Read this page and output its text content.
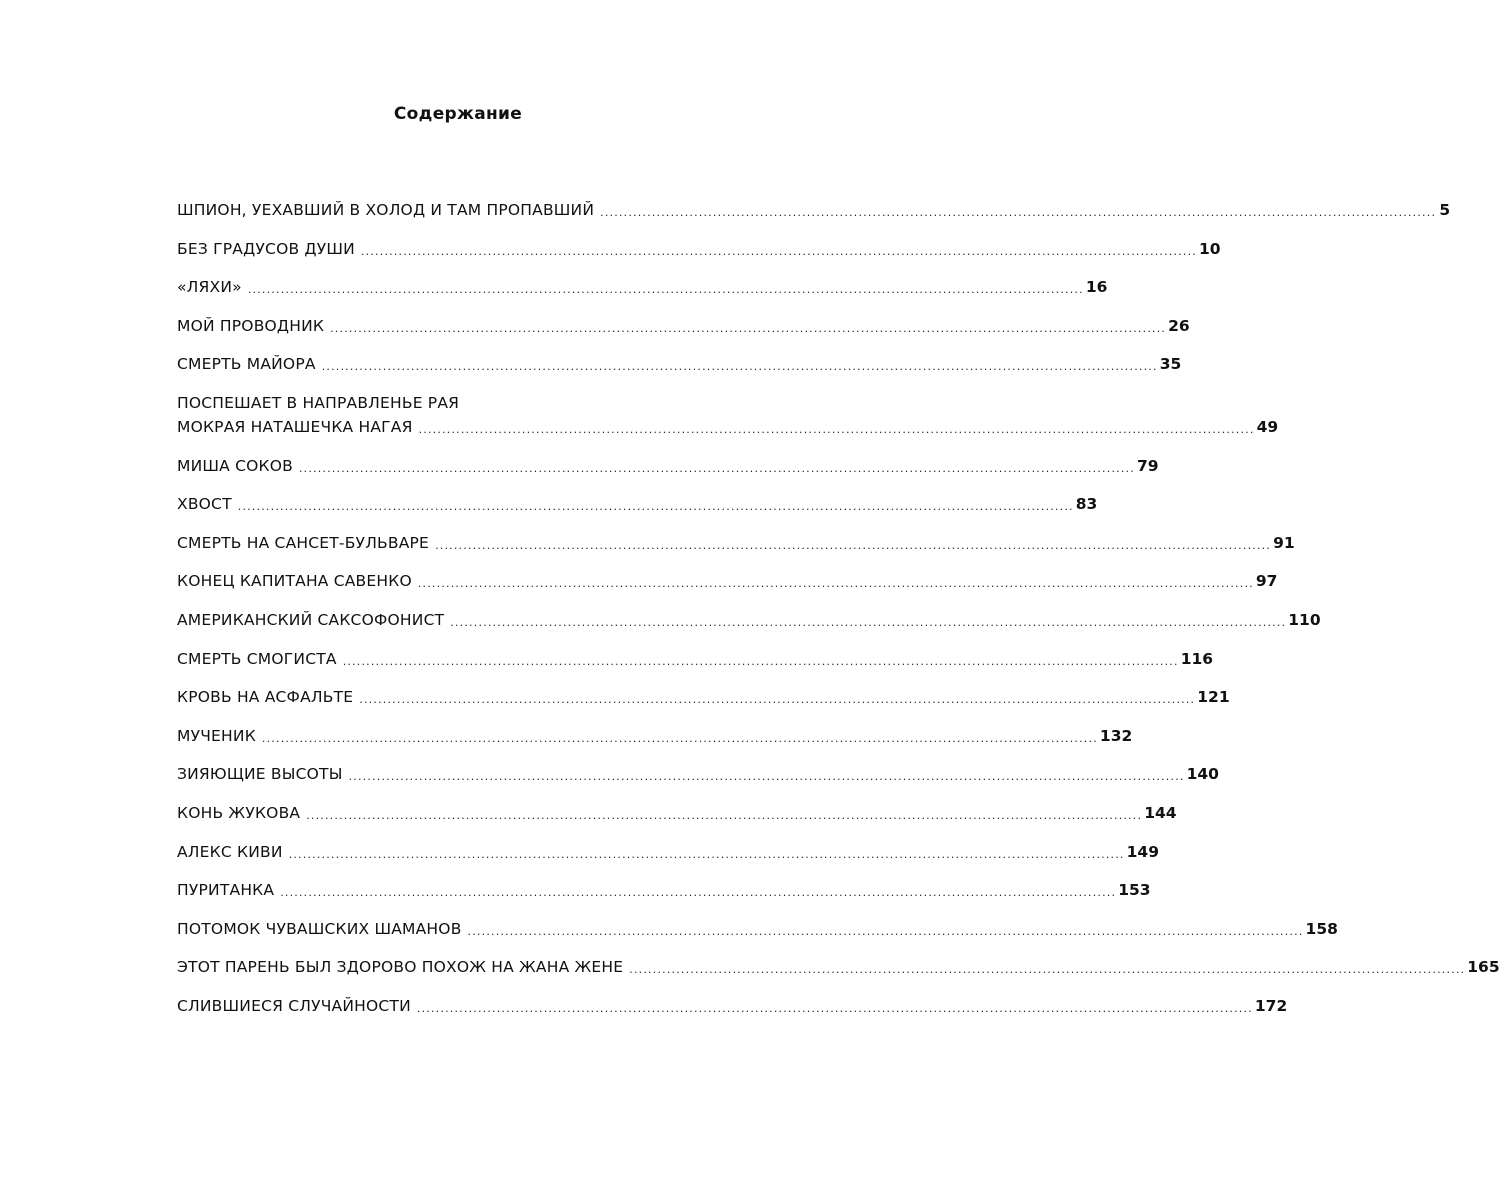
Содержание
ШПИОН, УЕХАВШИЙ В ХОЛОД И ТАМ ПРОПАВШИЙ .....	5
БЕЗ ГРАДУСОВ ДУШИ .....	10
«ЛЯХИ» .....	16
МОЙ ПРОВОДНИК .....	26
СМЕРТЬ МАЙОРА .....	35
ПОСПЕШАЕТ В НАПРАВЛЕНЬЕ РАЯ
МОКРАЯ НАТАШЕЧКА НАГАЯ .....	49
МИША СОКОВ .....	79
ХВОСТ .....	83
СМЕРТЬ НА САНСЕТ-БУЛЬВАРЕ .....	91
КОНЕЦ КАПИТАНА САВЕНКО .....	97
АМЕРИКАНСКИЙ САКСОФОНИСТ .....	110
СМЕРТЬ СМОГИСТА .....	116
КРОВЬ НА АСФАЛЬТЕ .....	121
МУЧЕНИК .....	132
ЗИЯЮЩИЕ ВЫСОТЫ .....	140
КОНЬ ЖУКОВА .....	144
АЛЕКС КИВИ .....	149
ПУРИТАНКА .....	153
ПОТОМОК ЧУВАШСКИХ ШАМАНОВ .....	158
ЭТОТ ПАРЕНЬ БЫЛ ЗДОРОВО ПОХОЖ НА ЖАНА ЖЕНЕ .....	165
СЛИВШИЕСЯ СЛУЧАЙНОСТИ .....	172
